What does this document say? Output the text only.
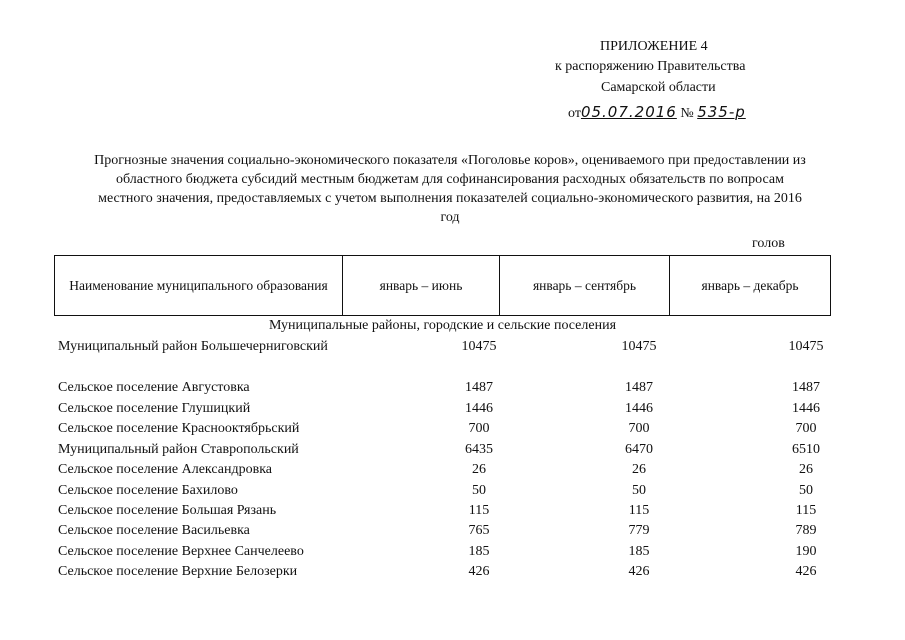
ПРИЛОЖЕНИЕ 4
к распоряжению Правительства
Самарской области
от05.07.2016 № 535-р
Прогнозные значения социально-экономического показателя «Поголовье коров», оцениваемого при предоставлении из областного бюджета субсидий местным бюджетам для софинансирования расходных обязательств по вопросам местного значения, предоставляемых с учетом выполнения показателей социально-экономического развития, на 2016 год
голов
Наименование муниципального образования	январь – июнь	январь – сентябрь	январь – декабрь
Муниципальные районы, городские и сельские поселения
Муниципальный район Большечерниговский	10475	10475	10475
Сельское поселение Августовка	1487	1487	1487
Сельское поселение Глушицкий	1446	1446	1446
Сельское поселение Краснооктябрьский	700	700	700
Муниципальный район Ставропольский	6435	6470	6510
Сельское поселение Александровка	26	26	26
Сельское поселение Бахилово	50	50	50
Сельское поселение Большая Рязань	115	115	115
Сельское поселение Васильевка	765	779	789
Сельское поселение Верхнее Санчелеево	185	185	190
Сельское поселение Верхние Белозерки	426	426	426
